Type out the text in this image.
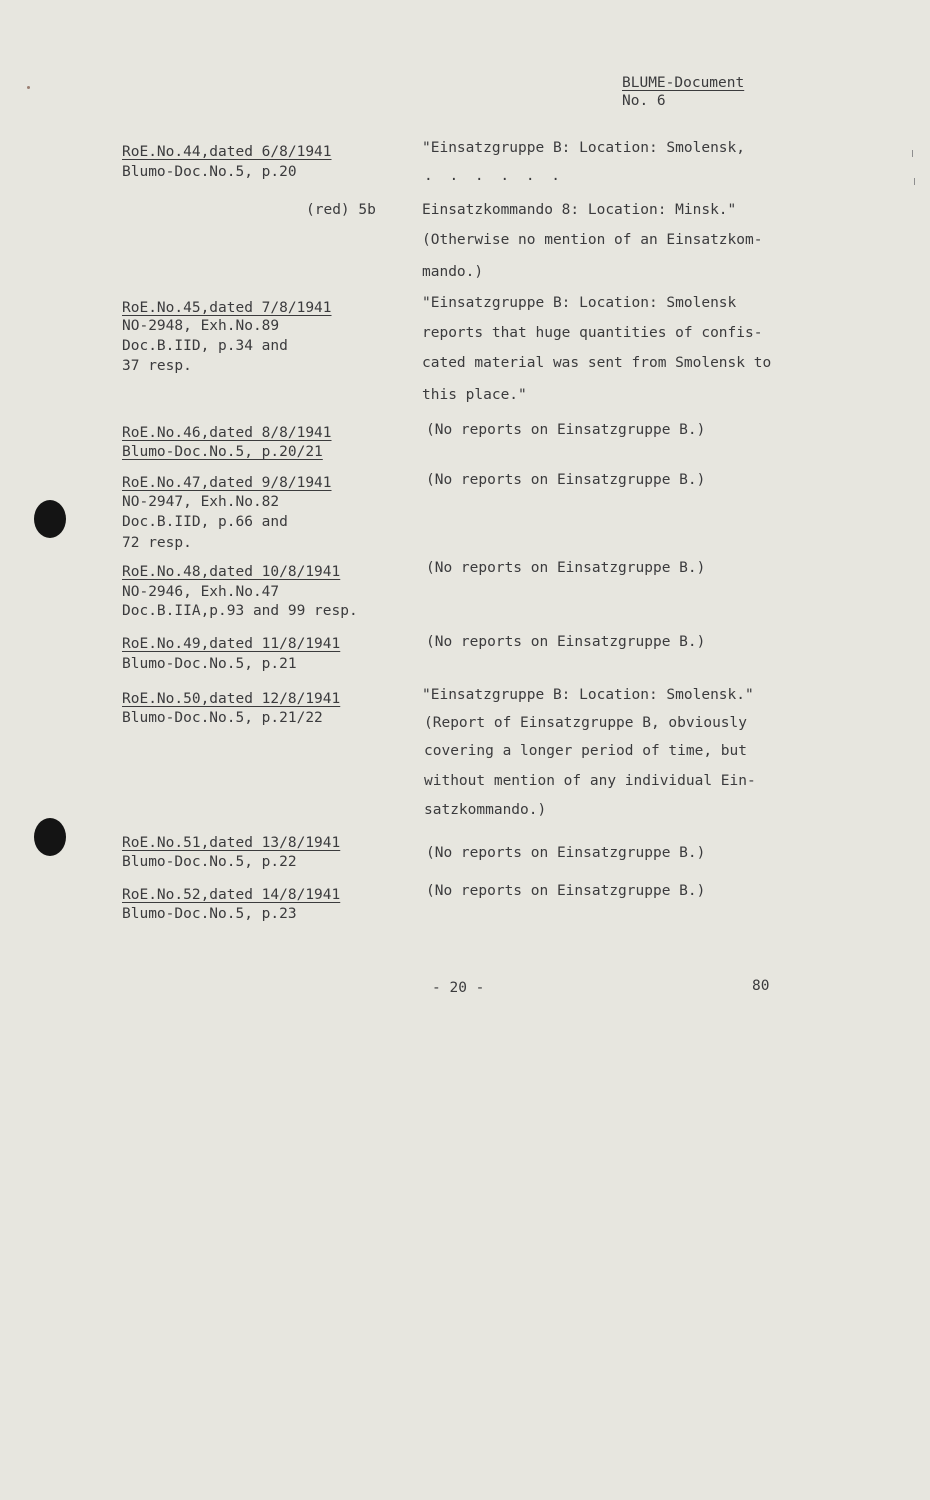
BLUME-Document
No. 6
RoE.No.44,dated 6/8/1941
Blumo-Doc.No.5, p.20
"Einsatzgruppe B: Location: Smolensk,
. . . . . .
(red) 5b	Einsatzkommando 8: Location: Minsk."
(Otherwise no mention of an Einsatzkom-
mando.)
RoE.No.45,dated 7/8/1941
NO-2948, Exh.No.89
Doc.B.IID, p.34 and
37 resp.
"Einsatzgruppe B: Location: Smolensk
reports that huge quantities of confis-
cated material was sent from Smolensk to
this place."
RoE.No.46,dated 8/8/1941
Blumo-Doc.No.5, p.20/21
(No reports on Einsatzgruppe B.)
RoE.No.47,dated 9/8/1941
NO-2947, Exh.No.82
Doc.B.IID, p.66 and
72 resp.
(No reports on Einsatzgruppe B.)
RoE.No.48,dated 10/8/1941
NO-2946, Exh.No.47
Doc.B.IIA,p.93 and 99 resp.
(No reports on Einsatzgruppe B.)
RoE.No.49,dated 11/8/1941
Blumo-Doc.No.5, p.21
(No reports on Einsatzgruppe B.)
RoE.No.50,dated 12/8/1941
Blumo-Doc.No.5, p.21/22
"Einsatzgruppe B: Location: Smolensk."
(Report of Einsatzgruppe B, obviously
covering a longer period of time, but
without mention of any individual Ein-
satzkommando.)
RoE.No.51,dated 13/8/1941
Blumo-Doc.No.5, p.22
(No reports on Einsatzgruppe B.)
RoE.No.52,dated 14/8/1941
Blumo-Doc.No.5, p.23
(No reports on Einsatzgruppe B.)
- 20 -	80
